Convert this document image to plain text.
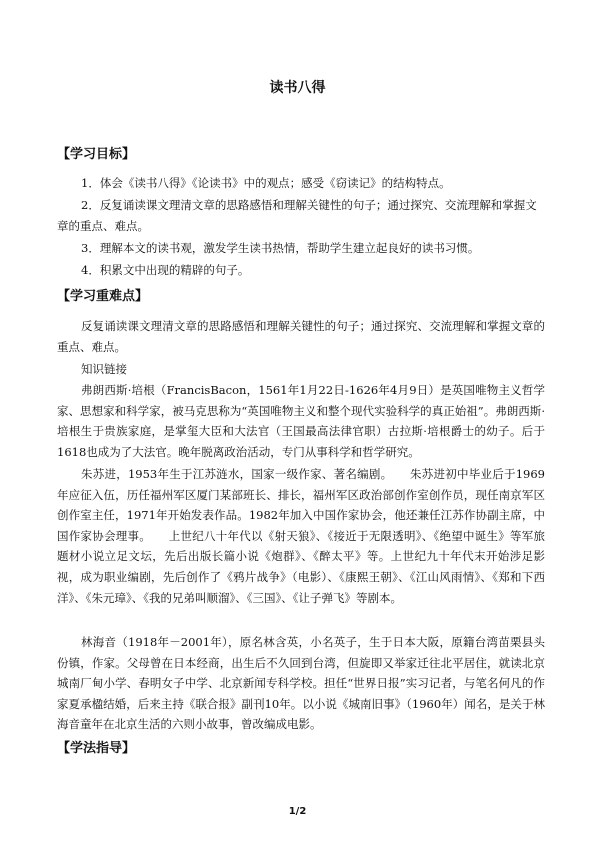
读书八得
【学习目标】

1．体会《读书八得》《论读书》中的观点；感受《窃读记》的结构特点。

2．反复诵读课文理清文章的思路感悟和理解关键性的句子；通过探究、交流理解和掌握文章的重点、难点。

3．理解本文的读书观，激发学生读书热情，帮助学生建立起良好的读书习惯。

4．积累文中出现的精辟的句子。

【学习重难点】

反复诵读课文理清文章的思路感悟和理解关键性的句子；通过探究、交流理解和掌握文章的重点、难点。

知识链接

弗朗西斯·培根（FrancisBacon，1561年1月22日-1626年4月9日）是英国唯物主义哲学家、思想家和科学家，被马克思称为“英国唯物主义和整个现代实验科学的真正始祖”。弗朗西斯·培根生于贵族家庭，是掌玺大臣和大法官（王国最高法律官职）古拉斯·培根爵士的幼子。后于1618也成为了大法官。晚年脱离政治活动，专门从事科学和哲学研究。

朱苏进，1953年生于江苏涟水，国家一级作家、著名编剧。　　朱苏进初中毕业后于1969年应征入伍，历任福州军区厦门某部班长、排长，福州军区政治部创作室创作员，现任南京军区创作室主任，1971年开始发表作品。1982年加入中国作家协会，他还兼任江苏作协副主席，中国作家协会理事。　　上世纪八十年代以《射天狼》、《接近于无限透明》、《绝望中诞生》等军旅题材小说立足文坛，先后出版长篇小说《炮群》、《醉太平》等。上世纪九十年代末开始涉足影视，成为职业编剧，先后创作了《鸦片战争》（电影）、《康熙王朝》、《江山风雨情》、《郑和下西洋》、《朱元璋》、《我的兄弟叫顺溜》、《三国》、《让子弹飞》等剧本。

林海音（1918年－2001年），原名林含英，小名英子，生于日本大阪，原籍台湾苗栗县头份镇，作家。父母曾在日本经商，出生后不久回到台湾，但旋即又举家迁往北平居住，就读北京城南厂甸小学、春明女子中学、北京新闻专科学校。担任“世界日报”实习记者，与笔名何凡的作家夏承楹结婚，后来主持《联合报》副刊10年。以小说《城南旧事》（1960年）闻名，是关于林海音童年在北京生活的六则小故事，曾改编成电影。

【学法指导】
1/2
